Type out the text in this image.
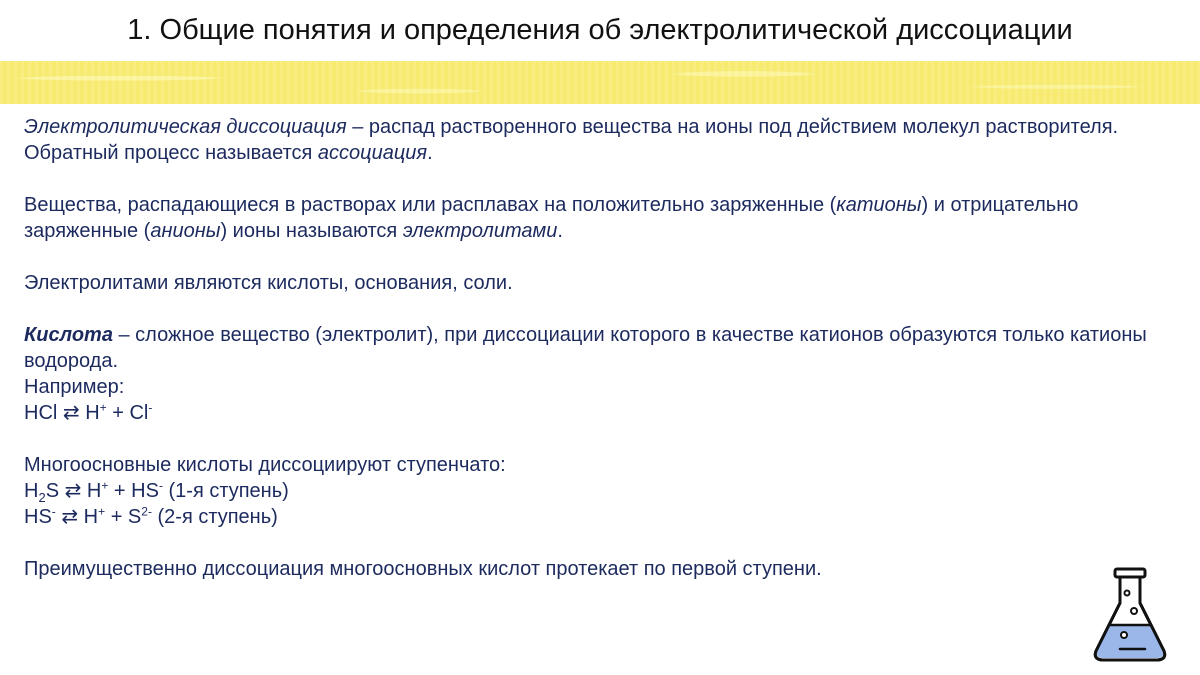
1. Общие понятия и определения об электролитической диссоциации

Электролитическая диссоциация – распад растворенного вещества на ионы под действием молекул растворителя. Обратный процесс называется ассоциация.

Вещества, распадающиеся в растворах или расплавах на положительно заряженные (катионы) и отрицательно заряженные (анионы) ионы называются электролитами.

Электролитами являются кислоты, основания, соли.

Кислота – сложное вещество (электролит), при диссоциации которого в качестве катионов образуются только катионы водорода.

Например:

HCl ⇄ H+ + Cl-

Многоосновные кислоты диссоциируют ступенчато:

$H_2S$ ⇄ H+ + HS- (1-я ступень)

HS- ⇄ $H^+ + S^{2-}$ (2-я ступень)

Преимущественно диссоциация многоосновных кислот протекает по первой ступени.
